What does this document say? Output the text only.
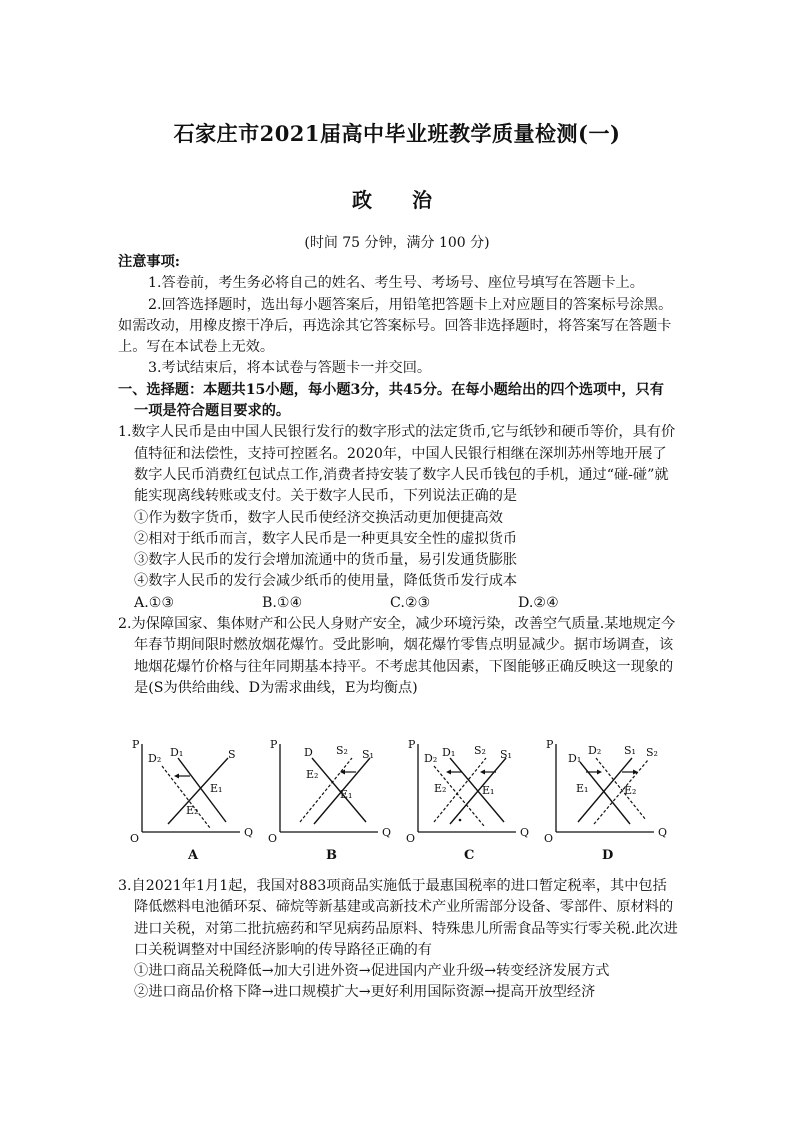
石家庄市2021届高中毕业班教学质量检测(一)
政　治
(时间 75 分钟，满分 100 分)

注意事项:

1.答卷前，考生务必将自己的姓名、考生号、考场号、座位号填写在答题卡上。

2.回答选择题时，选出每小题答案后，用铅笔把答题卡上对应题目的答案标号涂黑。如需改动，用橡皮擦干净后，再选涂其它答案标号。回答非选择题时，将答案写在答题卡上。写在本试卷上无效。

3.考试结束后，将本试卷与答题卡一并交回。

一、选择题：本题共15小题，每小题3分，共45分。在每小题给出的四个选项中，只有一项是符合题目要求的。

1.数字人民币是由中国人民银行发行的数字形式的法定货币,它与纸钞和硬币等价，具有价值特征和法偿性，支持可控匿名。2020年，中国人民银行相继在深圳苏州等地开展了数字人民币消费红包试点工作,消费者持安装了数字人民币钱包的手机，通过“碰-碰”就能实现离线转账或支付。关于数字人民币，下列说法正确的是

①作为数字货币，数字人民币使经济交换活动更加便捷高效

②相对于纸币而言，数字人民币是一种更具安全性的虚拟货币

③数字人民币的发行会增加流通中的货币量，易引发通货膨胀

④数字人民币的发行会减少纸币的使用量，降低货币发行成本

A.①③	B.①④	C.②③	D.②④

2.为保障国家、集体财产和公民人身财产安全，减少环境污染，改善空气质量.某地规定今年春节期间限时燃放烟花爆竹。受此影响，烟花爆竹零售点明显减少。据市场调查，该地烟花爆竹价格与往年同期基本持平。不考虑其他因素，下图能够正确反映这一现象的是(S为供给曲线、D为需求曲线，E为均衡点)

P
Q
O
D₂ D₁	S
E₁
E₂
A
P
Q
O
D S₂ S₁
E₂
E₁
B
P
Q
O
D₂ D₁ S₂ S₁
E₂	E₁
C
P
Q
O
D₁
D₂ S₁ S₂
E₁	E₂
D

3.自2021年1月1起，我国对883项商品实施低于最惠国税率的进口暂定税率，其中包括降低燃料电池循环泵、碲烷等新基建或高新技术产业所需部分设备、零部件、原材料的进口关税，对第二批抗癌药和罕见病药品原料、特殊患儿所需食品等实行零关税.此次进口关税调整对中国经济影响的传导路径正确的有

①进口商品关税降低→加大引进外资→促进国内产业升级→转变经济发展方式

②进口商品价格下降→进口规模扩大→更好利用国际资源→提高开放型经济
